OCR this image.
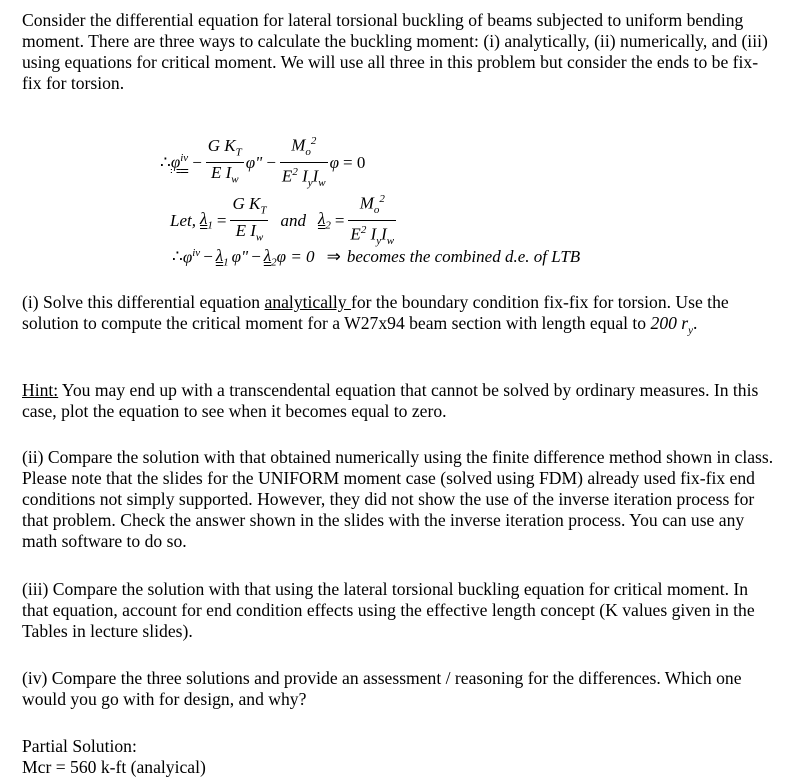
Consider the differential equation for lateral torsional buckling of beams subjected to uniform bending moment. There are three ways to calculate the buckling moment: (i) analytically, (ii) numerically, and (iii) using equations for critical moment. We will use all three in this problem but consider the ends to be fix-fix for torsion.
∴ $\varphi^{iv} - \frac{G K_T}{E I_w} \varphi$" − $\frac{M_o^2}{E^2 I_yI_w}$ φ = 0
Let, $\lambda_1 = \frac{G K_T}{E I_w}$ and $\lambda_2 = \frac{M_o^2}{E^2 I_yI_w}$
∴ $\varphi^{iv} - \lambda_1$ φ" − $\lambda_2$ φ = 0 ⇒ becomes the combined d.e. of LTB
(i) Solve this differential equation analytically for the boundary condition fix-fix for torsion. Use the solution to compute the critical moment for a W27x94 beam section with length equal to 200 $r_y$.
Hint: You may end up with a transcendental equation that cannot be solved by ordinary measures. In this case, plot the equation to see when it becomes equal to zero.
(ii) Compare the solution with that obtained numerically using the finite difference method shown in class. Please note that the slides for the UNIFORM moment case (solved using FDM) already used fix-fix end conditions not simply supported. However, they did not show the use of the inverse iteration process for that problem. Check the answer shown in the slides with the inverse iteration process. You can use any math software to do so.
(iii) Compare the solution with that using the lateral torsional buckling equation for critical moment. In that equation, account for end condition effects using the effective length concept (K values given in the Tables in lecture slides).
(iv) Compare the three solutions and provide an assessment / reasoning for the differences. Which one would you go with for design, and why?
Partial Solution:
Mcr = 560 k-ft (analyical)
